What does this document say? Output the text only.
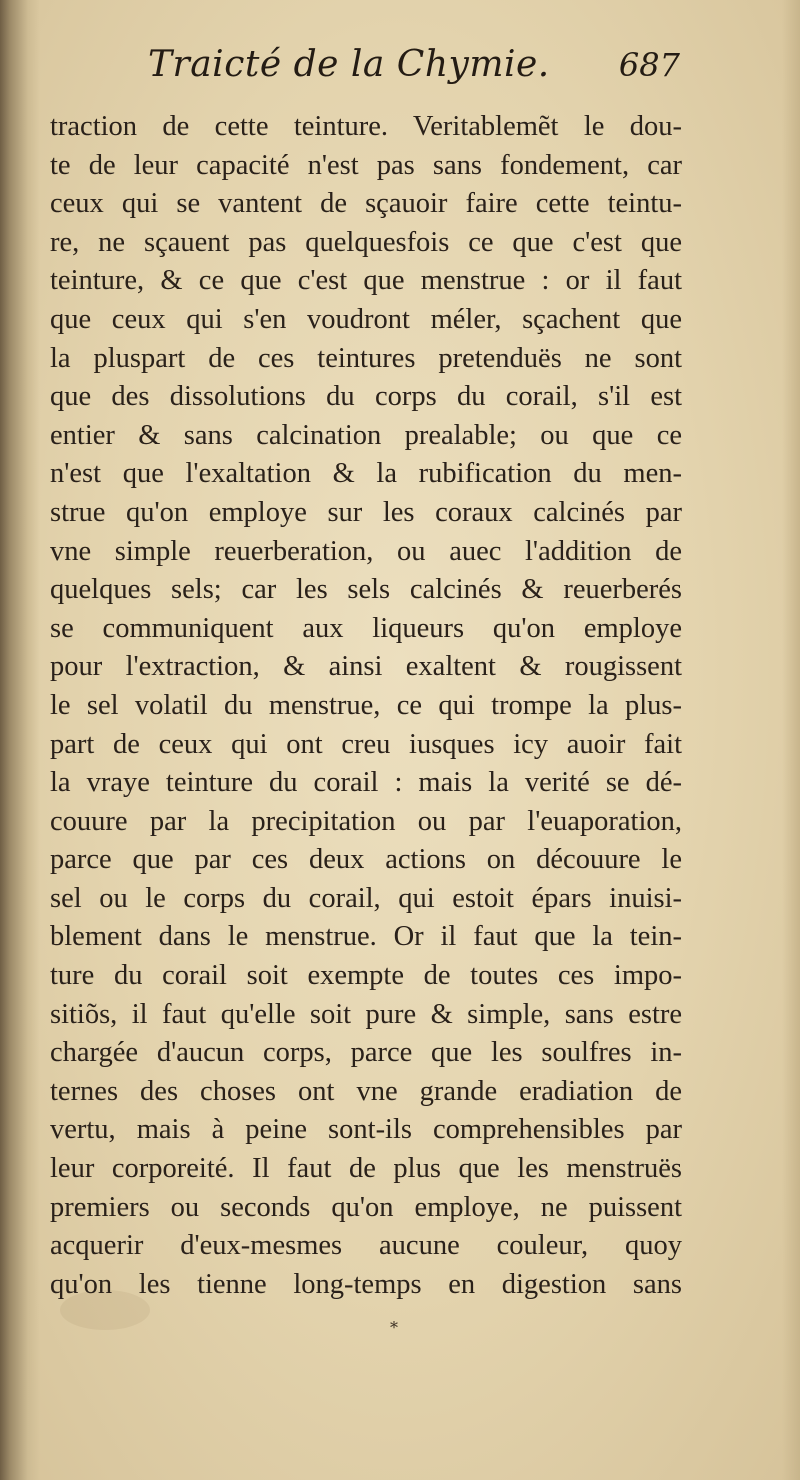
Traicté de la Chymie. 687
traction de cette teinture. Veritablemẽt le dou-
te de leur capacité n'est pas sans fondement, car
ceux qui se vantent de sçauoir faire cette teintu-
re, ne sçauent pas quelquesfois ce que c'est que
teinture, & ce que c'est que menstrue : or il faut
que ceux qui s'en voudront méler, sçachent que
la pluspart de ces teintures pretenduës ne sont
que des dissolutions du corps du corail, s'il est
entier & sans calcination prealable; ou que ce
n'est que l'exaltation & la rubification du men-
strue qu'on employe sur les coraux calcinés par
vne simple reuerberation, ou auec l'addition de
quelques sels; car les sels calcinés & reuerberés
se communiquent aux liqueurs qu'on employe
pour l'extraction, & ainsi exaltent & rougissent
le sel volatil du menstrue, ce qui trompe la plus-
part de ceux qui ont creu iusques icy auoir fait
la vraye teinture du corail : mais la verité se dé-
couure par la precipitation ou par l'euaporation,
parce que par ces deux actions on découure le
sel ou le corps du corail, qui estoit épars inuisi-
blement dans le menstrue. Or il faut que la tein-
ture du corail soit exempte de toutes ces impo-
sitiõs, il faut qu'elle soit pure & simple, sans estre
chargée d'aucun corps, parce que les soulfres in-
ternes des choses ont vne grande eradiation de
vertu, mais à peine sont-ils comprehensibles par
leur corporeité. Il faut de plus que les menstruës
premiers ou seconds qu'on employe, ne puissent
acquerir d'eux-mesmes aucune couleur, quoy
qu'on les tienne long-temps en digestion sans
*
